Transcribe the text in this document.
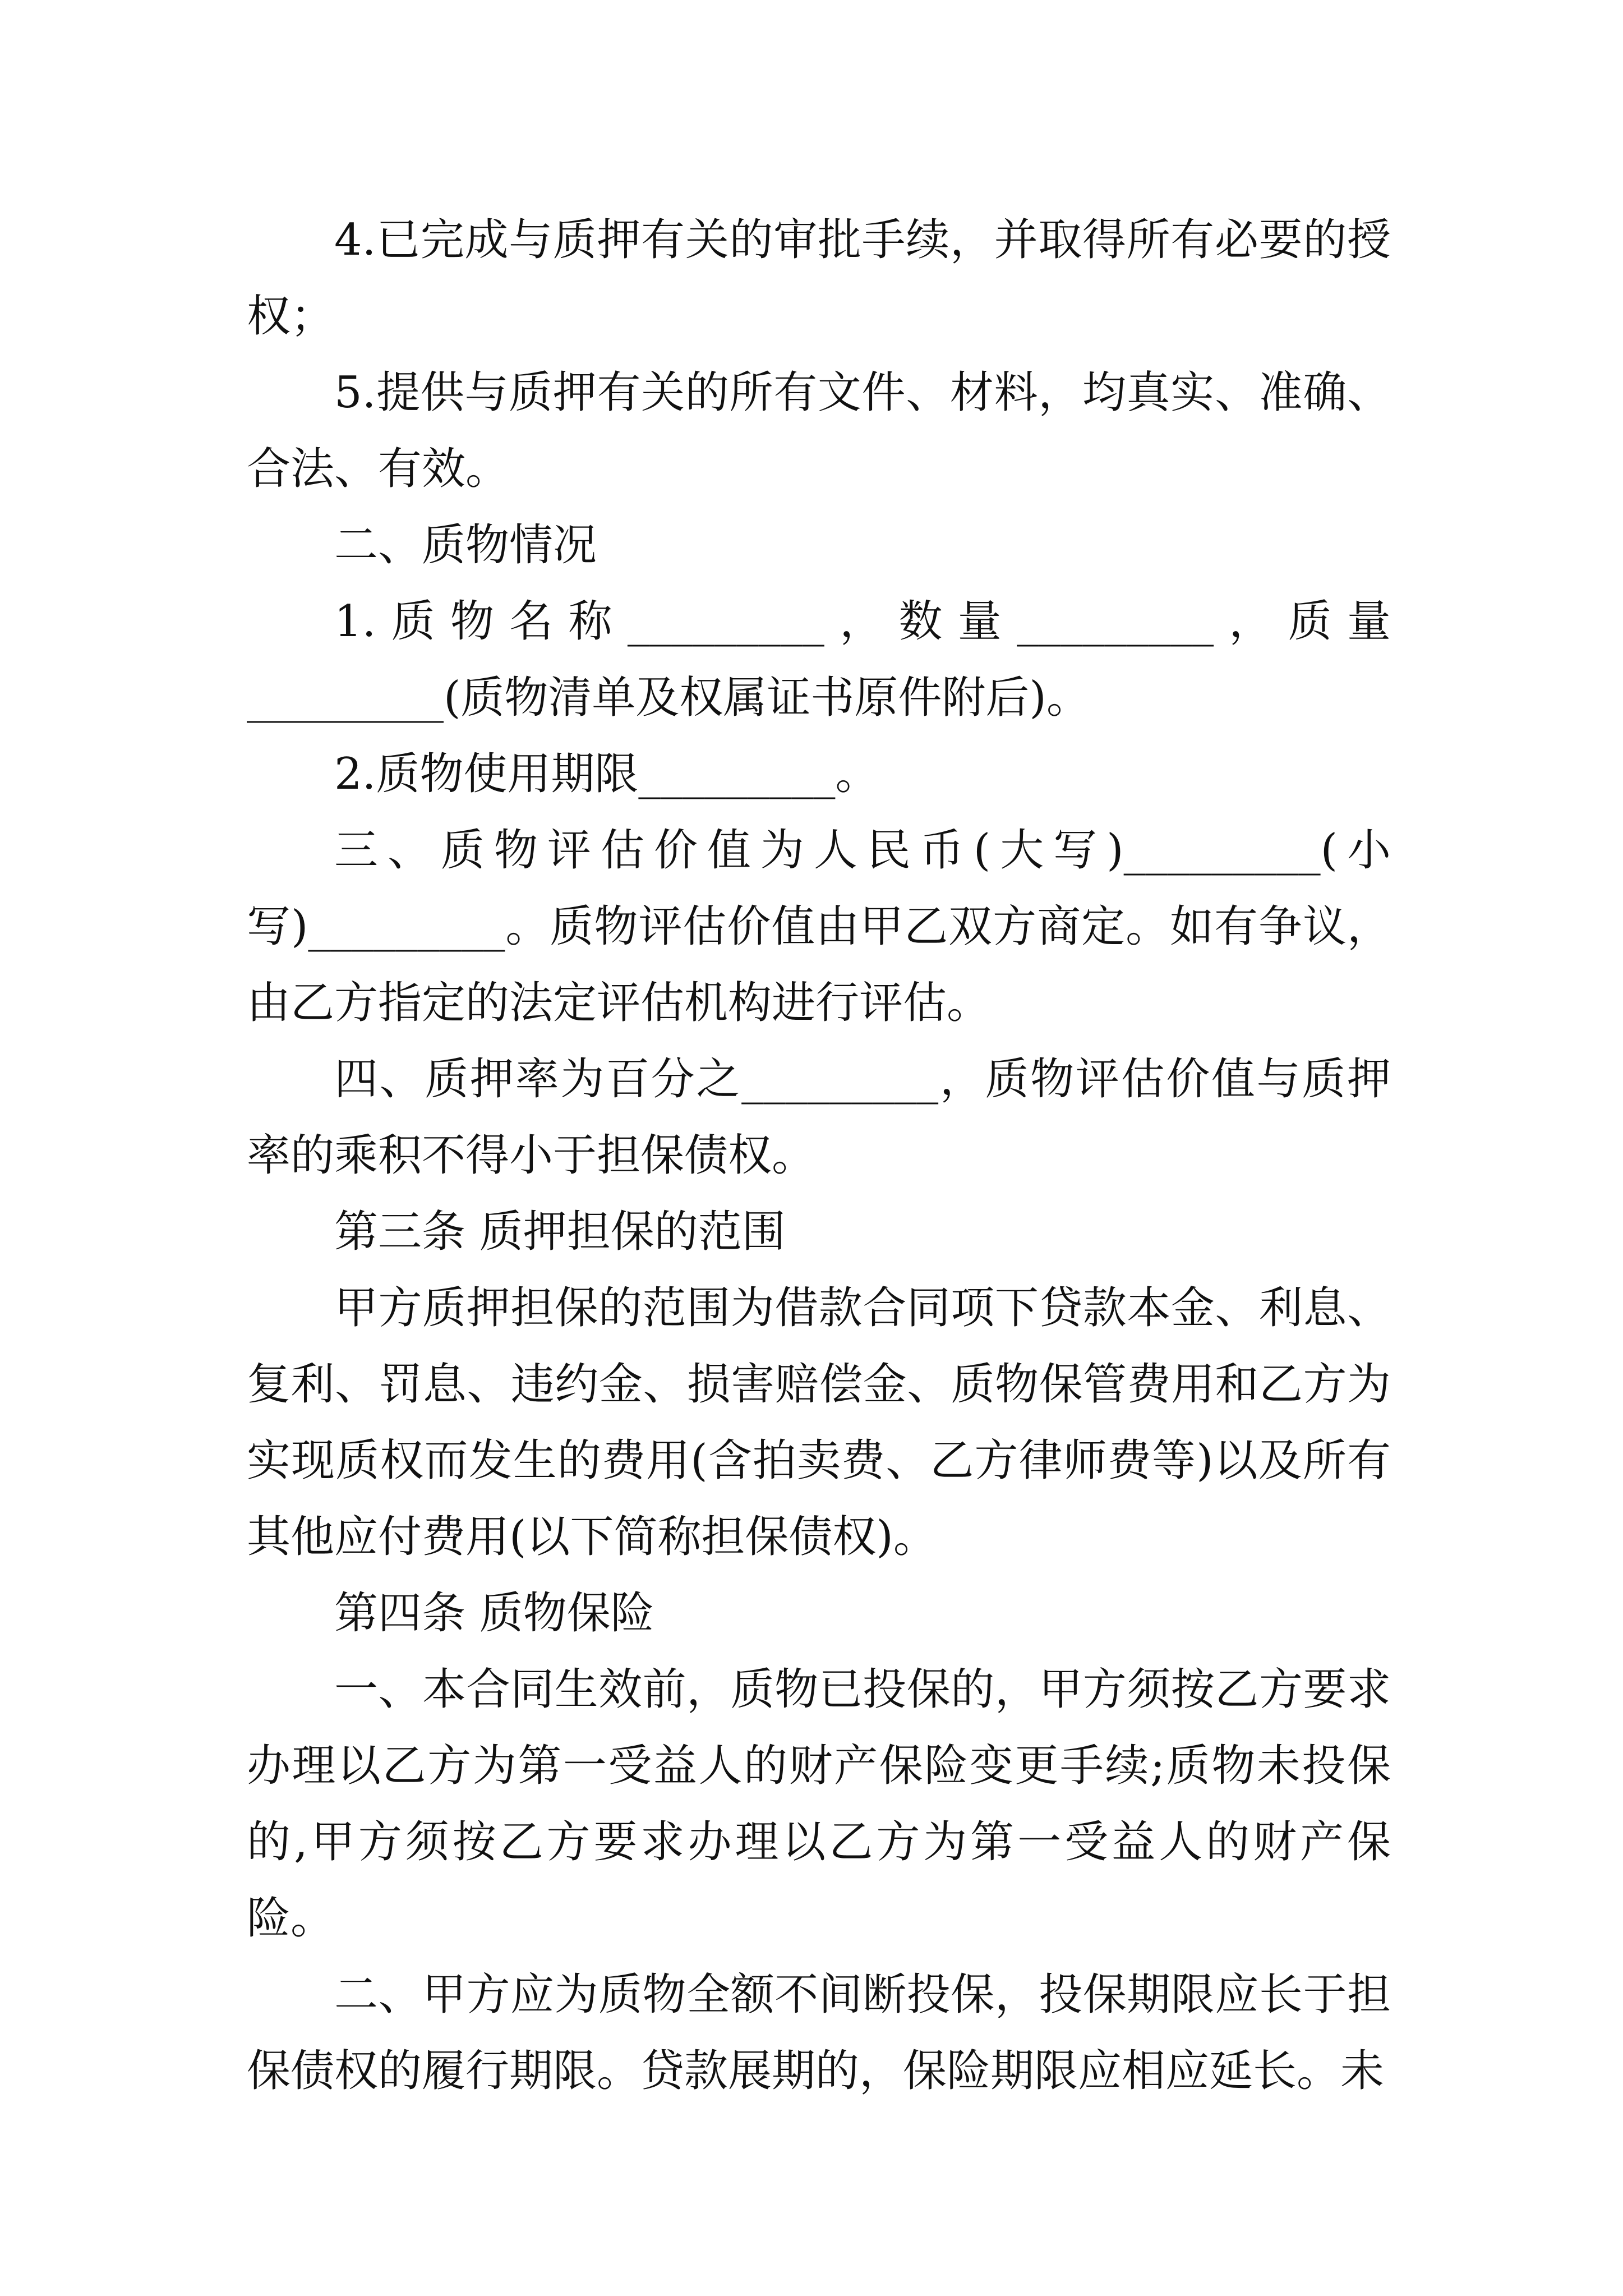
4.已完成与质押有关的审批手续，并取得所有必要的授权；

5.提供与质押有关的所有文件、材料，均真实、准确、合法、有效。

二、质物情况

1.质物名称_________，数量_________，质量_________(质物清单及权属证书原件附后)。

2.质物使用期限_________。

三、质物评估价值为人民币(大写)_________(小写)_________。质物评估价值由甲乙双方商定。如有争议，由乙方指定的法定评估机构进行评估。

四、质押率为百分之_________，质物评估价值与质押率的乘积不得小于担保债权。

第三条 质押担保的范围

甲方质押担保的范围为借款合同项下贷款本金、利息、复利、罚息、违约金、损害赔偿金、质物保管费用和乙方为实现质权而发生的费用(含拍卖费、乙方律师费等)以及所有其他应付费用(以下简称担保债权)。

第四条 质物保险

一、本合同生效前，质物已投保的，甲方须按乙方要求办理以乙方为第一受益人的财产保险变更手续;质物未投保的,甲方须按乙方要求办理以乙方为第一受益人的财产保险。

二、甲方应为质物全额不间断投保，投保期限应长于担保债权的履行期限。贷款展期的，保险期限应相应延长。未
